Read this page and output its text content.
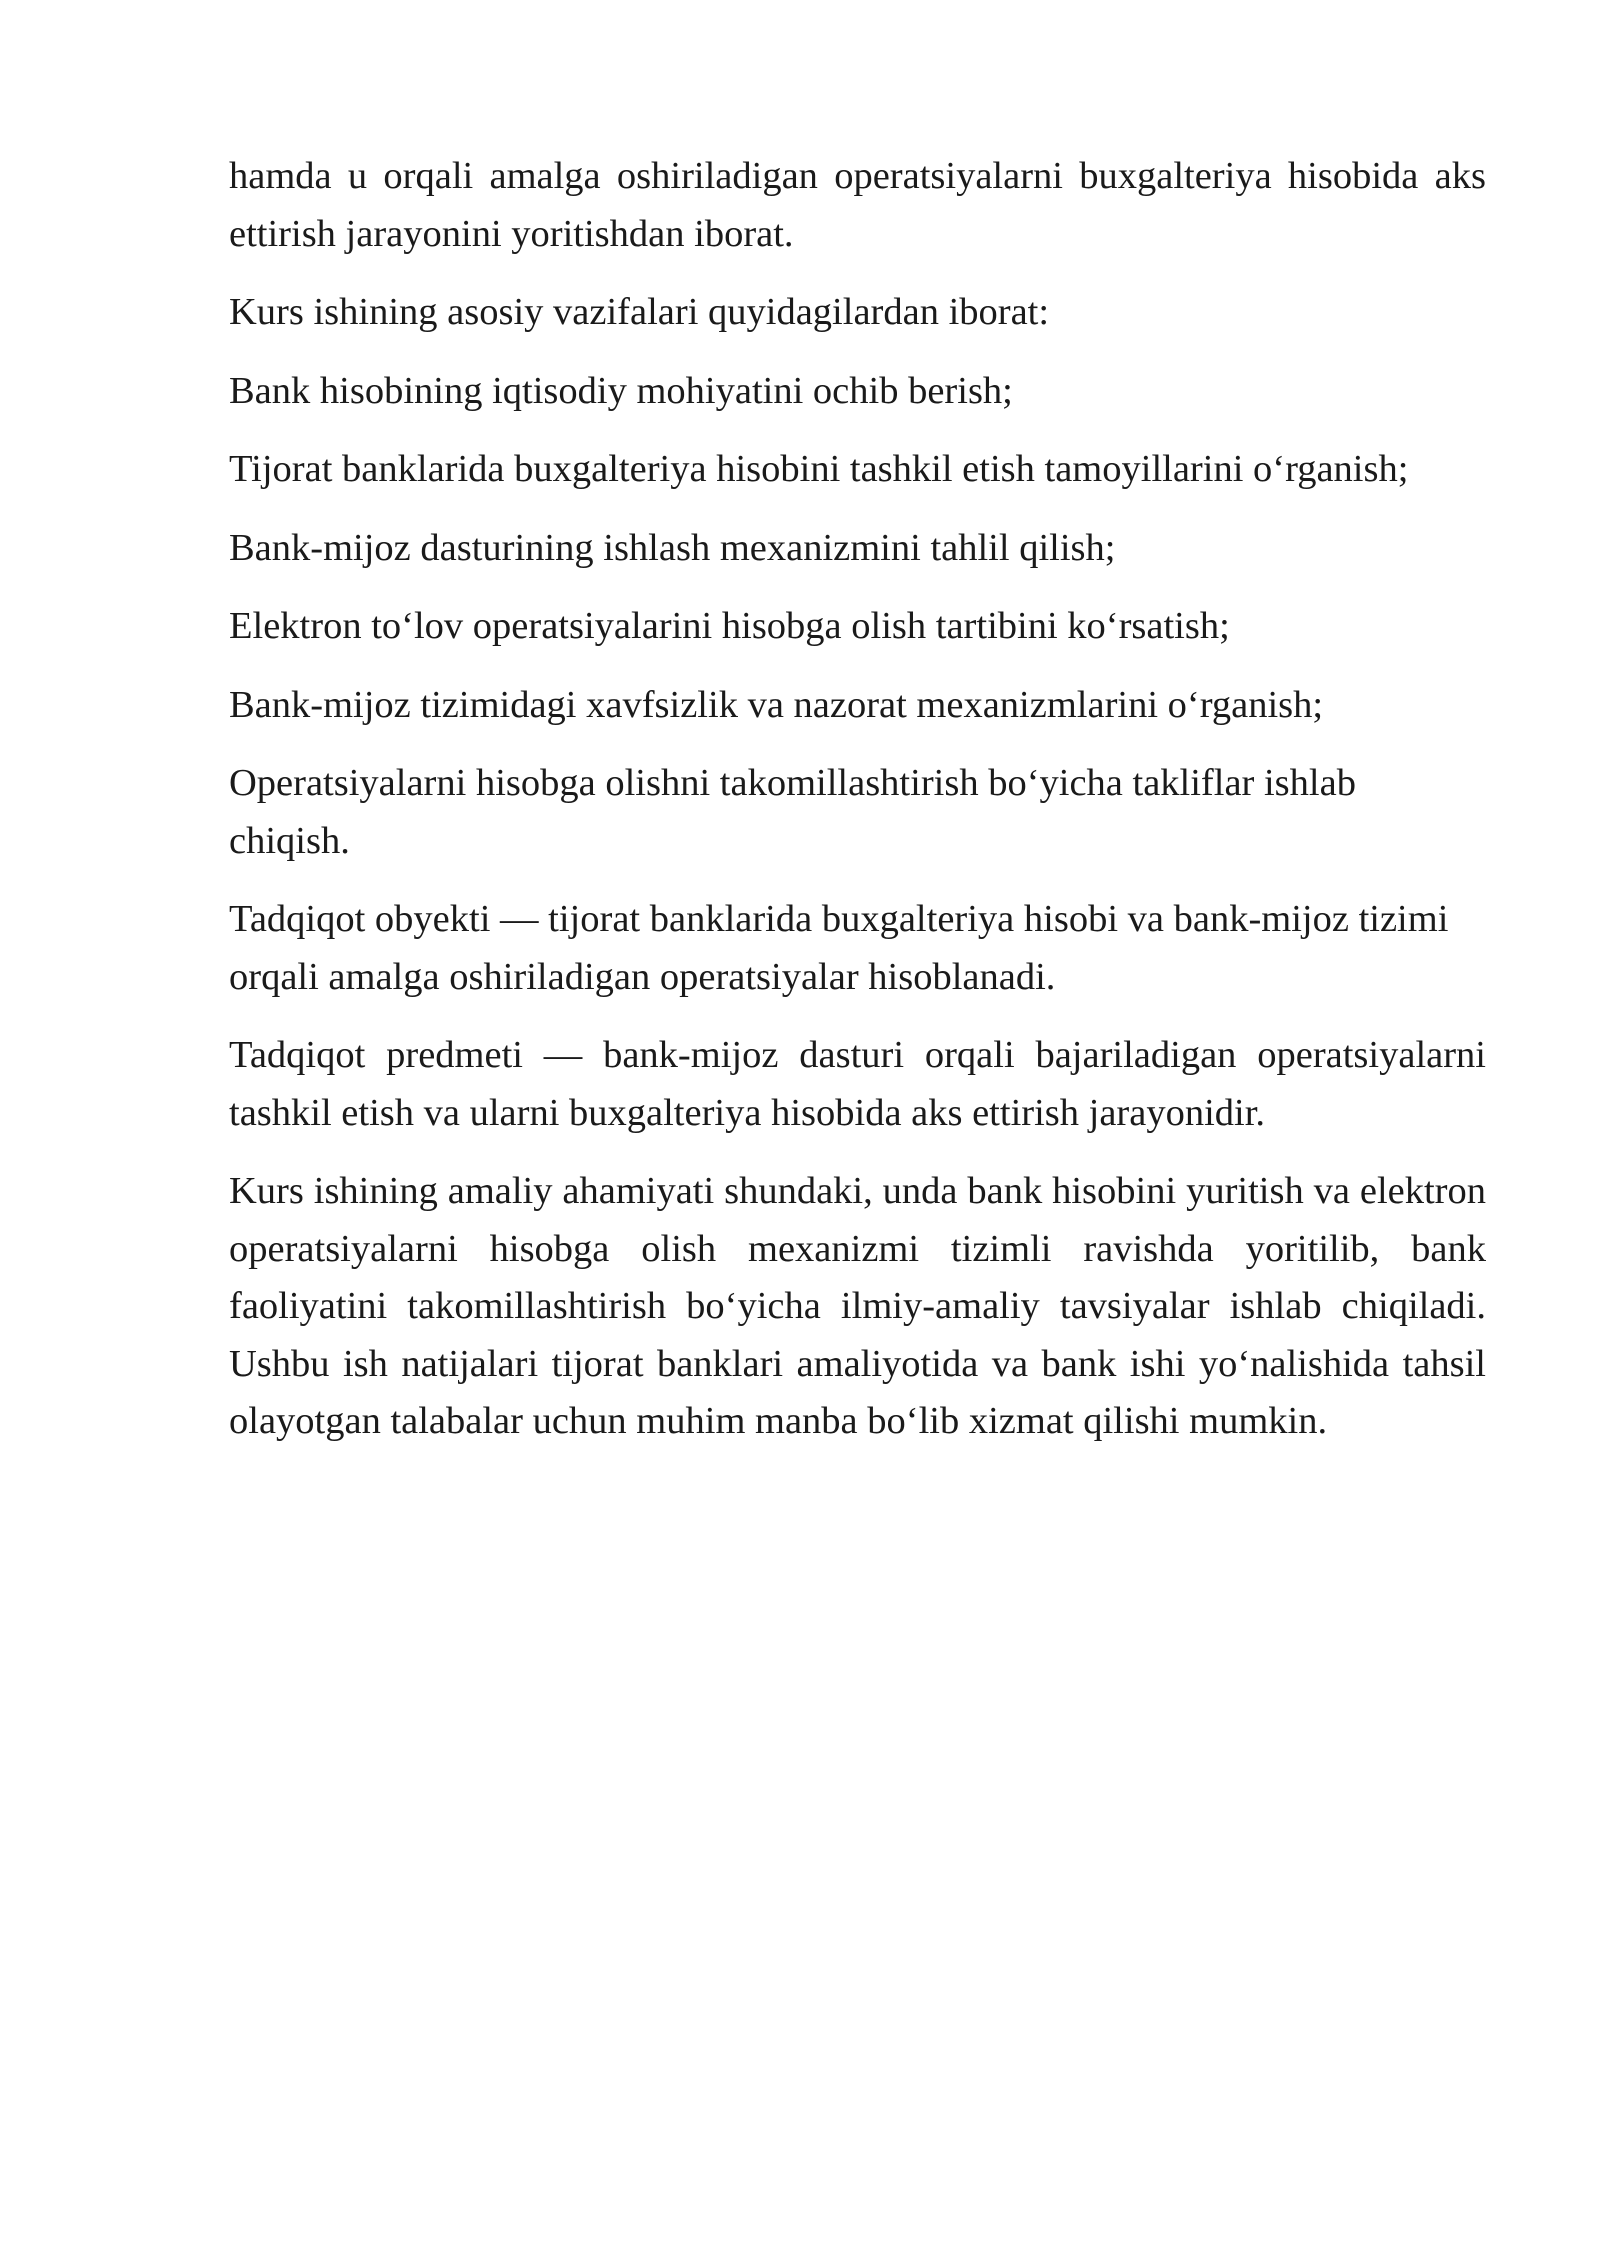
hamda u orqali amalga oshiriladigan operatsiyalarni buxgalteriya hisobida aks ettirish jarayonini yoritishdan iborat.

Kurs ishining asosiy vazifalari quyidagilardan iborat:

Bank hisobining iqtisodiy mohiyatini ochib berish;

Tijorat banklarida buxgalteriya hisobini tashkil etish tamoyillarini o‘rganish;

Bank-mijoz dasturining ishlash mexanizmini tahlil qilish;

Elektron to‘lov operatsiyalarini hisobga olish tartibini ko‘rsatish;

Bank-mijoz tizimidagi xavfsizlik va nazorat mexanizmlarini o‘rganish;

Operatsiyalarni hisobga olishni takomillashtirish bo‘yicha takliflar ishlab chiqish.

Tadqiqot obyekti — tijorat banklarida buxgalteriya hisobi va bank-mijoz tizimi orqali amalga oshiriladigan operatsiyalar hisoblanadi.

Tadqiqot predmeti — bank-mijoz dasturi orqali bajariladigan operatsiyalarni tashkil etish va ularni buxgalteriya hisobida aks ettirish jarayonidir.

Kurs ishining amaliy ahamiyati shundaki, unda bank hisobini yuritish va elektron operatsiyalarni hisobga olish mexanizmi tizimli ravishda yoritilib, bank faoliyatini takomillashtirish bo‘yicha ilmiy-amaliy tavsiyalar ishlab chiqiladi. Ushbu ish natijalari tijorat banklari amaliyotida va bank ishi yo‘nalishida tahsil olayotgan talabalar uchun muhim manba bo‘lib xizmat qilishi mumkin.
